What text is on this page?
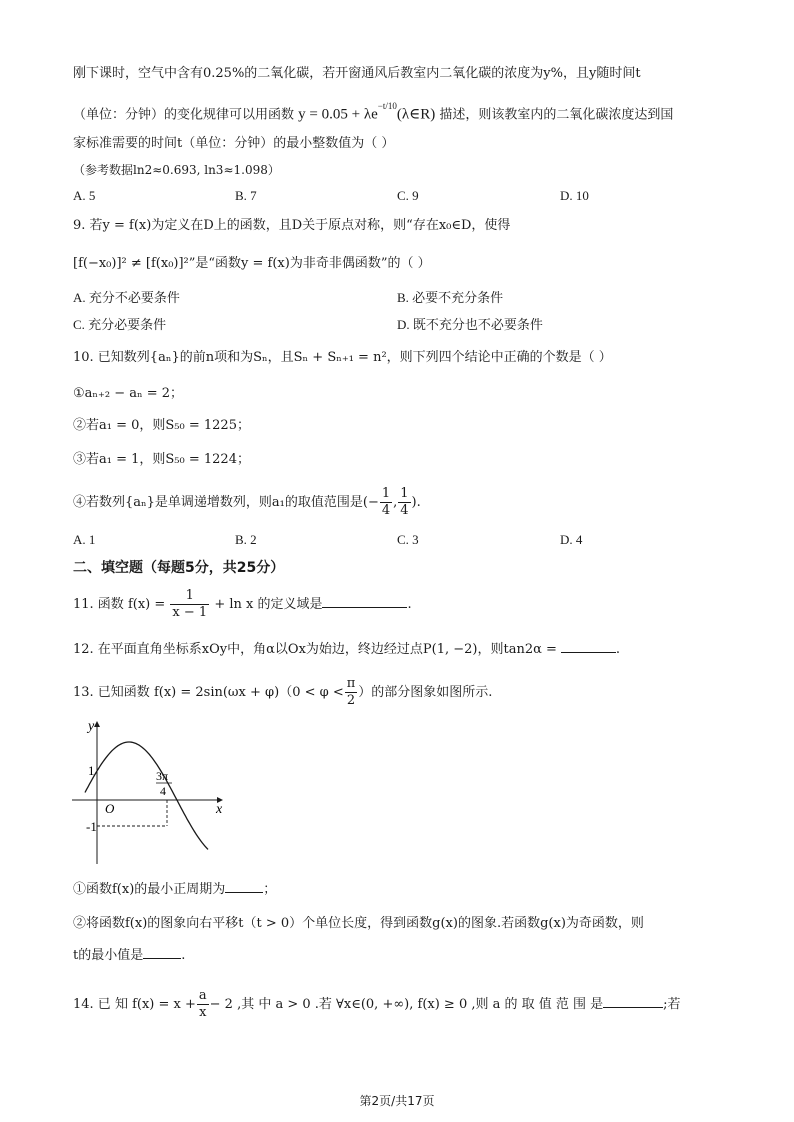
刚下课时，空气中含有0.25%的二氧化碳，若开窗通风后教室内二氧化碳的浓度为y%，且y随时间t
（单位：分钟）的变化规律可以用函数 $y = 0.05 + \lambda e^{-t/10}(\lambda\in R)$ 描述，则该教室内的二氧化碳浓度达到国
家标准需要的时间t（单位：分钟）的最小整数值为（ ）
（参考数据ln2≈0.693, ln3≈1.098）
A. 5	B. 7	C. 9	D. 10
9. 若y = f(x)为定义在D上的函数，且D关于原点对称，则“存在x₀∈D，使得
[f(−x₀)]² ≠ [f(x₀)]²”是“函数y = f(x)为非奇非偶函数”的（ ）
A. 充分不必要条件	B. 必要不充分条件
C. 充分必要条件	D. 既不充分也不必要条件
10. 已知数列{aₙ}的前n项和为Sₙ，且Sₙ + Sₙ₊₁ = n²，则下列四个结论中正确的个数是（ ）
①aₙ₊₂ − aₙ = 2；
②若a₁ = 0，则S₅₀ = 1225；
③若a₁ = 1，则S₅₀ = 1224；
④若数列{aₙ}是单调递增数列，则a₁的取值范围是(− $\frac{1}{4}$ , $\frac{1}{4}$ ).
A. 1	B. 2	C. 3	D. 4
二、填空题（每题5分，共25分）
11. 函数 $f(x) = \frac{1}{x - 1} + \ln x$ 的定义域是	.
12. 在平面直角坐标系xOy中，角α以Ox为始边，终边经过点P(1, −2)，则tan2α =	.
13. 已知函数 $f(x) = 2\sin(\omega x + \varphi)(0 < \varphi < \frac{\pi}{2}$ ）的部分图象如图所示.
y
x
O
1
-1
3π
4
①函数f(x)的最小正周期为	；
②将函数f(x)的图象向右平移t（t > 0）个单位长度，得到函数g(x)的图象.若函数g(x)为奇函数，则
t的最小值是	.
14. 已 知 $f(x) = x + \frac{a}{x} - 2$ ,其 中 a > 0 .若 ∀x∈(0, +∞), f(x) ≥ 0 ,则 a 的 取 值 范 围 是	;若
第2页/共17页
